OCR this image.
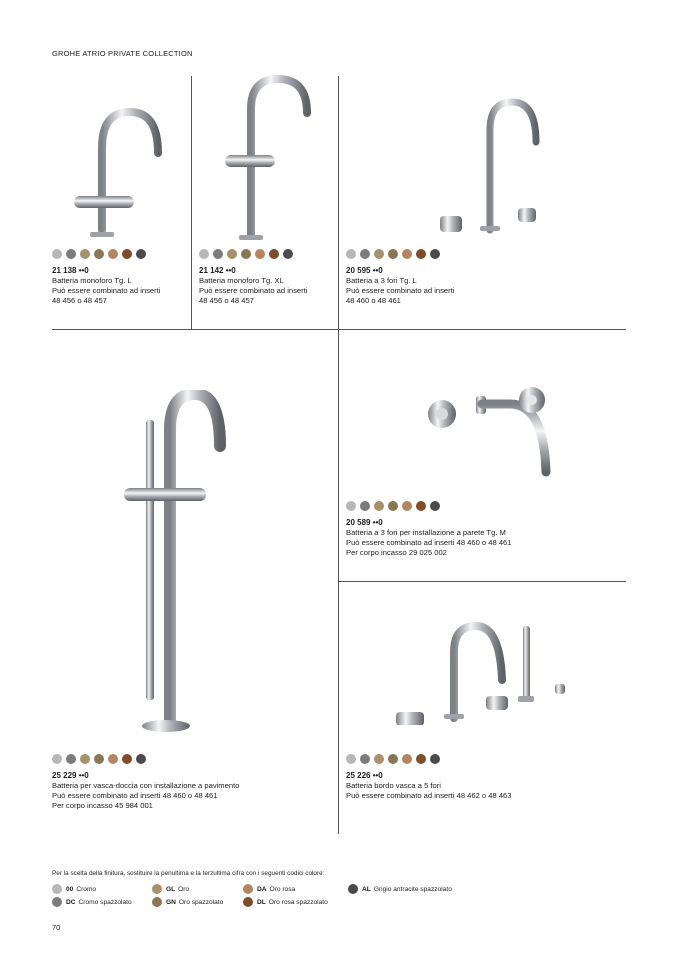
GROHE ATRIO PRIVATE COLLECTION
21 138 ••0
Batteria monoforo Tg. L
Può essere combinato ad inserti
48 456 o 48 457
21 142 ••0
Batteria monoforo Tg. XL
Può essere combinato ad inserti
48 456 o 48 457
20 595 ••0
Batteria a 3 fori Tg. L
Può essere combinato ad inserti
48 460 o 48 461
20 589 ••0
Batteria a 3 fori per installazione a parete Tg. M
Può essere combinato ad inserti 48 460 o 48 461
Per corpo incasso 29 025 002
25 229 ••0
Batteria per vasca-doccia con installazione a pavimento
Può essere combinato ad inserti 48 460 o 48 461
Per corpo incasso 45 984 001
25 226 ••0
Batteria bordo vasca a 5 fori
Può essere combinato ad inserti 48 462 o 48 463
Per la scelta della finitura, sostituire la penultima e la terzultima cifra con i seguenti codici colore:
00 Cromo
DC Cromo spazzolato
GL Oro
GN Oro spazzolato
DA Oro rosa
DL Oro rosa spazzolato
AL Grigio antracite spazzolato
70
